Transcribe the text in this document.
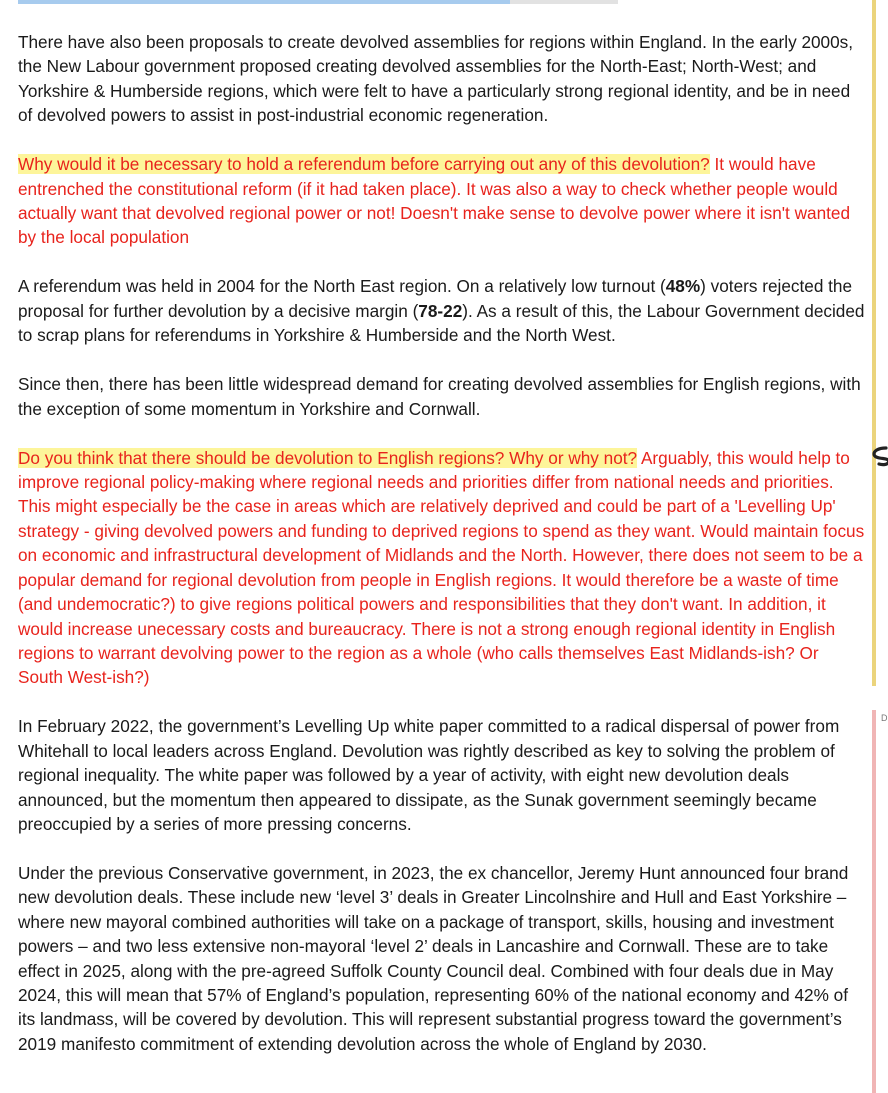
There have also been proposals to create devolved assemblies for regions within England. In the early 2000s, the New Labour government proposed creating devolved assemblies for the North-East; North-West; and Yorkshire & Humberside regions, which were felt to have a particularly strong regional identity, and be in need of devolved powers to assist in post-industrial economic regeneration.

Why would it be necessary to hold a referendum before carrying out any of this devolution? It would have entrenched the constitutional reform (if it had taken place). It was also a way to check whether people would actually want that devolved regional power or not! Doesn't make sense to devolve power where it isn't wanted by the local population

A referendum was held in 2004 for the North East region. On a relatively low turnout (48%) voters rejected the proposal for further devolution by a decisive margin (78-22). As a result of this, the Labour Government decided to scrap plans for referendums in Yorkshire & Humberside and the North West.

Since then, there has been little widespread demand for creating devolved assemblies for English regions, with the exception of some momentum in Yorkshire and Cornwall.

Do you think that there should be devolution to English regions? Why or why not? Arguably, this would help to improve regional policy-making where regional needs and priorities differ from national needs and priorities. This might especially be the case in areas which are relatively deprived and could be part of a 'Levelling Up' strategy - giving devolved powers and funding to deprived regions to spend as they want. Would maintain focus on economic and infrastructural development of Midlands and the North. However, there does not seem to be a popular demand for regional devolution from people in English regions. It would therefore be a waste of time (and undemocratic?) to give regions political powers and responsibilities that they don't want. In addition, it would increase unecessary costs and bureaucracy. There is not a strong enough regional identity in English regions to warrant devolving power to the region as a whole (who calls themselves East Midlands-ish? Or South West-ish?)

In February 2022, the government’s Levelling Up white paper committed to a radical dispersal of power from Whitehall to local leaders across England. Devolution was rightly described as key to solving the problem of regional inequality. The white paper was followed by a year of activity, with eight new devolution deals announced, but the momentum then appeared to dissipate, as the Sunak government seemingly became preoccupied by a series of more pressing concerns.

Under the previous Conservative government, in 2023, the ex chancellor, Jeremy Hunt announced four brand new devolution deals. These include new ‘level 3’ deals in Greater Lincolnshire and Hull and East Yorkshire – where new mayoral combined authorities will take on a package of transport, skills, housing and investment powers – and two less extensive non-mayoral ‘level 2’ deals in Lancashire and Cornwall. These are to take effect in 2025, along with the pre-agreed Suffolk County Council deal. Combined with four deals due in May 2024, this will mean that 57% of England’s population, representing 60% of the national economy and 42% of its landmass, will be covered by devolution. This will represent substantial progress toward the government’s 2019 manifesto commitment of extending devolution across the whole of England by 2030.

D
